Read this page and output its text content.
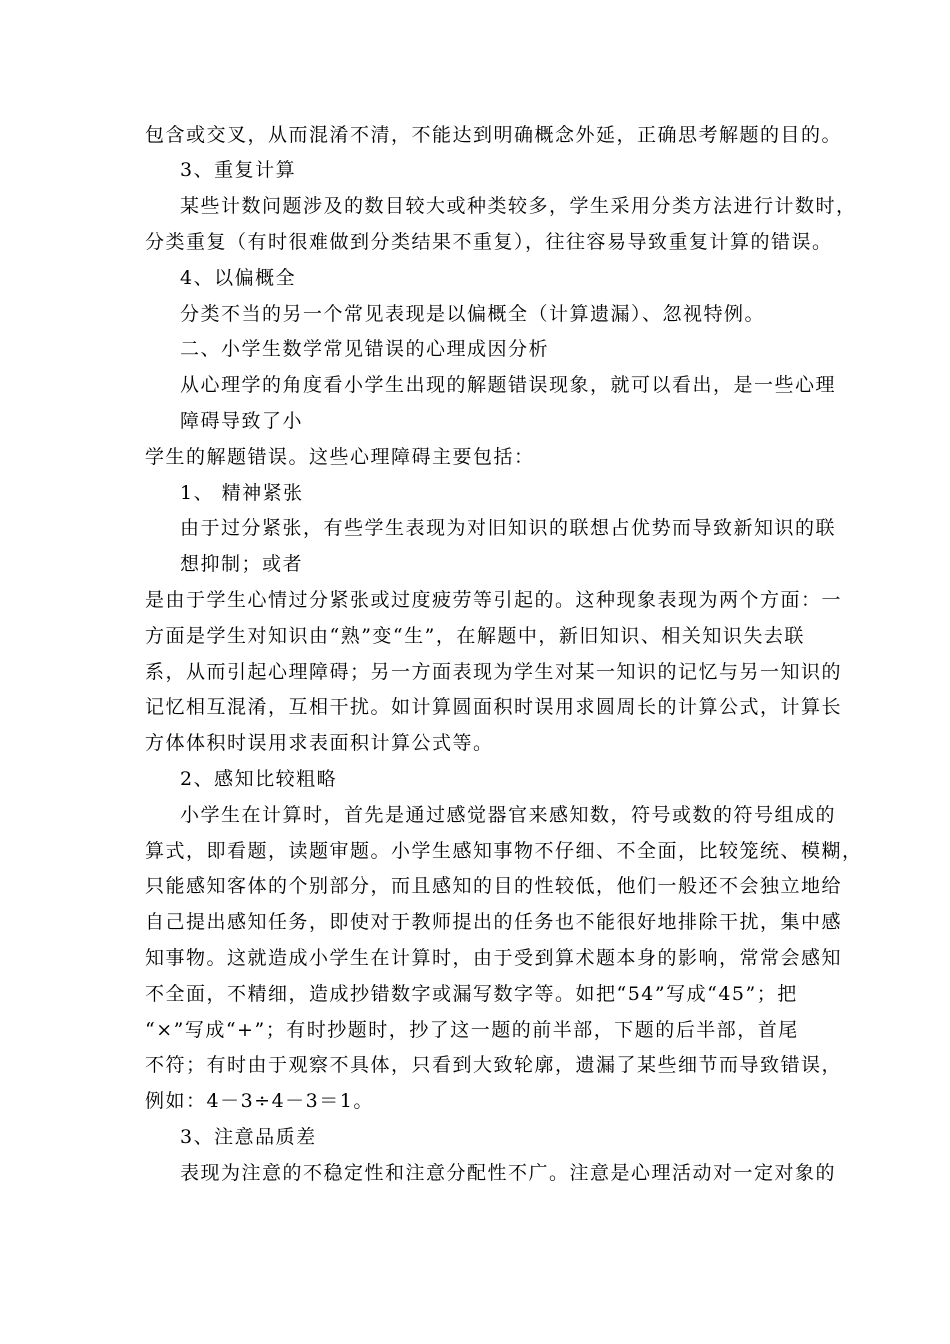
包含或交叉，从而混淆不清，不能达到明确概念外延，正确思考解题的目的。
3、重复计算
某些计数问题涉及的数目较大或种类较多，学生采用分类方法进行计数时，
分类重复（有时很难做到分类结果不重复），往往容易导致重复计算的错误。
4、以偏概全
分类不当的另一个常见表现是以偏概全（计算遗漏）、忽视特例。
二、小学生数学常见错误的心理成因分析
从心理学的角度看小学生出现的解题错误现象，就可以看出，是一些心理
障碍导致了小
学生的解题错误。这些心理障碍主要包括：
1、 精神紧张
由于过分紧张，有些学生表现为对旧知识的联想占优势而导致新知识的联
想抑制；或者
是由于学生心情过分紧张或过度疲劳等引起的。这种现象表现为两个方面：一
方面是学生对知识由“熟”变“生”，在解题中，新旧知识、相关知识失去联
系，从而引起心理障碍；另一方面表现为学生对某一知识的记忆与另一知识的
记忆相互混淆，互相干扰。如计算圆面积时误用求圆周长的计算公式，计算长
方体体积时误用求表面积计算公式等。
2、感知比较粗略
小学生在计算时，首先是通过感觉器官来感知数，符号或数的符号组成的
算式，即看题，读题审题。小学生感知事物不仔细、不全面，比较笼统、模糊，
只能感知客体的个别部分，而且感知的目的性较低，他们一般还不会独立地给
自己提出感知任务，即使对于教师提出的任务也不能很好地排除干扰，集中感
知事物。这就造成小学生在计算时，由于受到算术题本身的影响，常常会感知
不全面，不精细，造成抄错数字或漏写数字等。如把“54”写成“45”；把
“×”写成“+”；有时抄题时，抄了这一题的前半部，下题的后半部，首尾
不符；有时由于观察不具体，只看到大致轮廓，遗漏了某些细节而导致错误，
例如：4－3÷4－3＝1。
3、注意品质差
表现为注意的不稳定性和注意分配性不广。注意是心理活动对一定对象的
